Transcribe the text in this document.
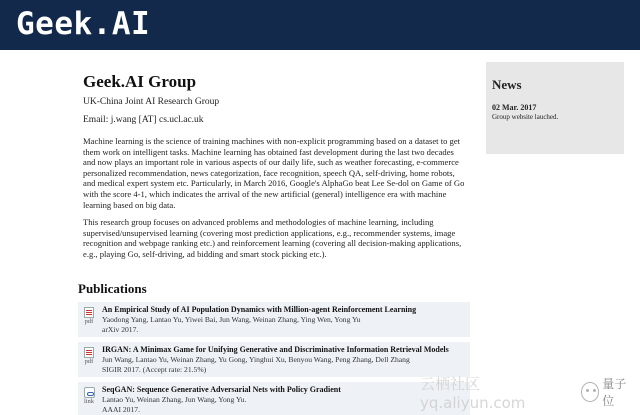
Geek.AI
Geek.AI Group
UK-China Joint AI Research Group
Email: j.wang [AT] cs.ucl.ac.uk

Machine learning is the science of training machines with non-explicit programming based on a dataset to get them work on intelligent tasks. Machine learning has obtained fast development during the last two decades and now plays an important role in various aspects of our daily life, such as weather forecasting, e-commerce personalized recommendation, news categorization, face recognition, speech QA, self-driving, home robots, and medical expert system etc. Particularly, in March 2016, Google's AlphaGo beat Lee Se-dol on Game of Go with the score 4-1, which indicates the arrival of the new artificial (general) intelligence era with machine learning based on big data.

This research group focuses on advanced problems and methodologies of machine learning, including supervised/unsupervised learning (covering most prediction applications, e.g., recommender systems, image recognition and webpage ranking etc.) and reinforcement learning (covering all decision-making applications, e.g., playing Go, self-driving, ad bidding and smart stock picking etc.).

Publications
pdf
An Empirical Study of AI Population Dynamics with Million-agent Reinforcement Learning
Yaodong Yang, Lantao Yu, Yiwei Bai, Jun Wang, Weinan Zhang, Ying Wen, Yong Yu
arXiv 2017.
pdf
IRGAN: A Minimax Game for Unifying Generative and Discriminative Information Retrieval Models
Jun Wang, Lantao Yu, Weinan Zhang, Yu Gong, Yinghui Xu, Benyou Wang, Peng Zhang, Dell Zhang
SIGIR 2017. (Accept rate: 21.5%)
link
SeqGAN: Sequence Generative Adversarial Nets with Policy Gradient
Lantao Yu, Weinan Zhang, Jun Wang, Yong Yu.
AAAI 2017.
News
02 Mar. 2017
Group website lauched.
云栖社区 yq.aliyun.com
量子位
